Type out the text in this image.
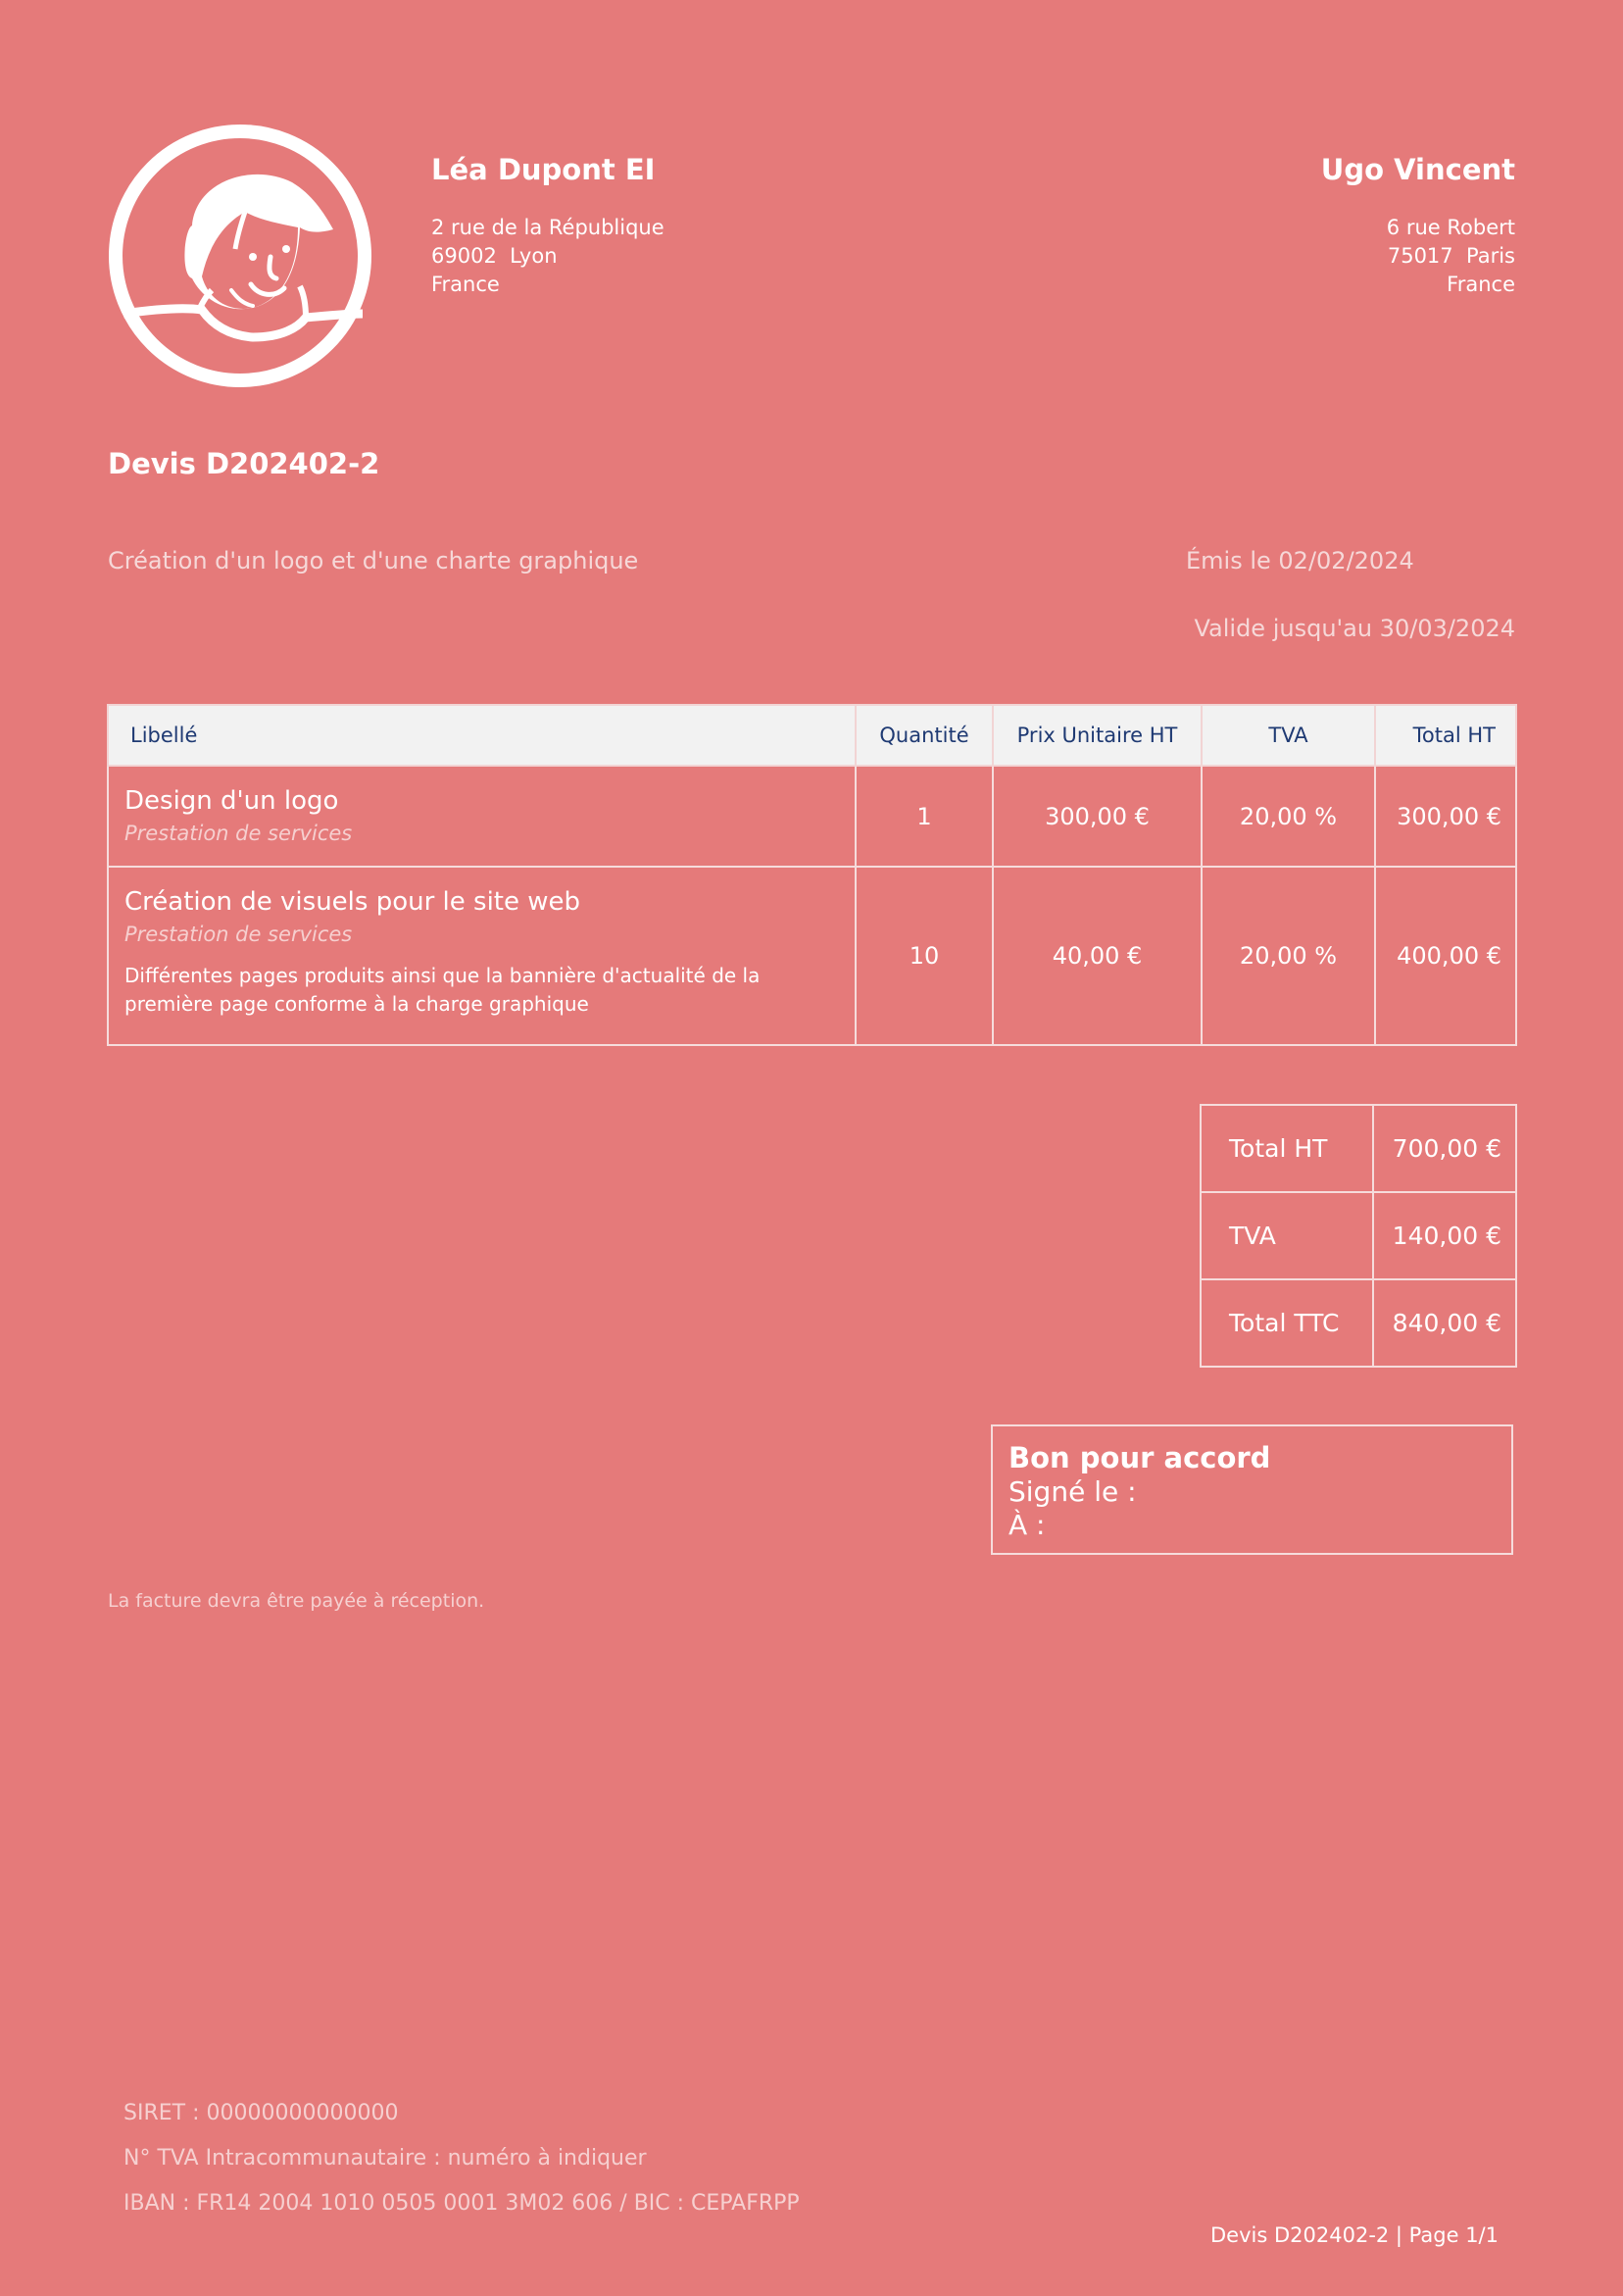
Léa Dupont EI
2 rue de la République
69002  Lyon
France
Ugo Vincent
6 rue Robert
75017  Paris
France
Devis D202402-2
Création d'un logo et d'une charte graphique	Émis le 02/02/2024
Valide jusqu'au 30/03/2024
Libellé	Quantité	Prix Unitaire HT	TVA	Total HT

Design d'un logo
Prestation de services	1	300,00 €	20,00 %	300,00 €

Création de visuels pour le site web
Prestation de services
Différentes pages produits ainsi que la bannière d'actualité de la première page conforme à la charge graphique	10	40,00 €	20,00 %	400,00 €
Total HT	700,00 €
TVA	140,00 €
Total TTC	840,00 €
Bon pour accord
Signé le :
À :
La facture devra être payée à réception.
SIRET : 00000000000000
N° TVA Intracommunautaire : numéro à indiquer
IBAN : FR14 2004 1010 0505 0001 3M02 606 / BIC : CEPAFRPP
Devis D202402-2 | Page 1/1
